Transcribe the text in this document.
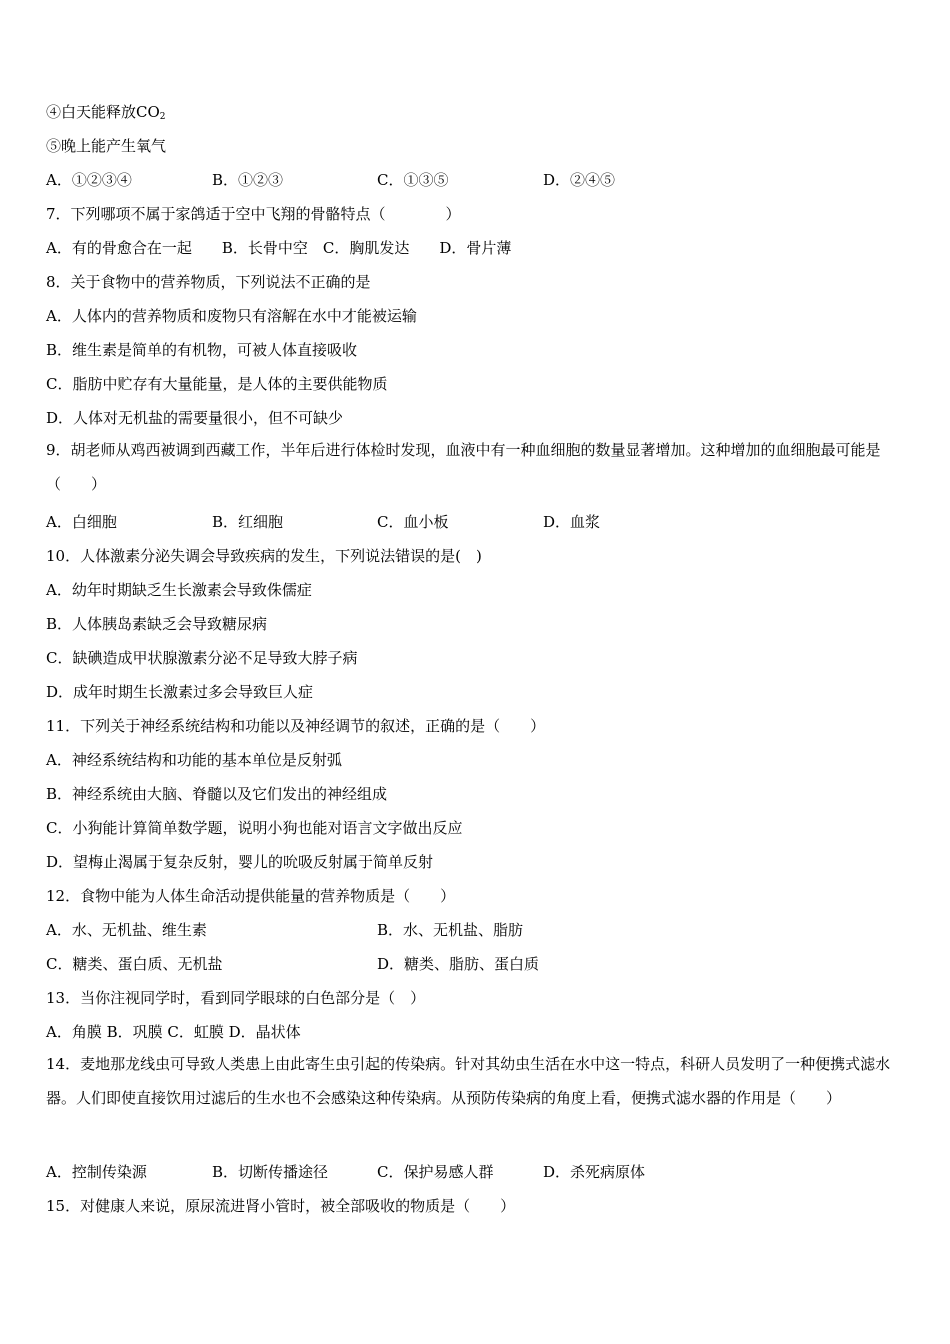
④白天能释放$CO_2$
⑤晚上能产生氧气
A．①②③④	B．①②③	C．①③⑤	D．②④⑤
7．下列哪项不属于家鸽适于空中飞翔的骨骼特点（　　　　）
A．有的骨愈合在一起　　B．长骨中空　C．胸肌发达　　D．骨片薄
8．关于食物中的营养物质，下列说法不正确的是
A．人体内的营养物质和废物只有溶解在水中才能被运输
B．维生素是简单的有机物，可被人体直接吸收
C．脂肪中贮存有大量能量，是人体的主要供能物质
D．人体对无机盐的需要量很小，但不可缺少
9．胡老师从鸡西被调到西藏工作，半年后进行体检时发现，血液中有一种血细胞的数量显著增加。这种增加的血细胞最可能是（　　）
A．白细胞	B．红细胞	C．血小板	D．血浆
10．人体激素分泌失调会导致疾病的发生，下列说法错误的是(　)
A．幼年时期缺乏生长激素会导致侏儒症
B．人体胰岛素缺乏会导致糖尿病
C．缺碘造成甲状腺激素分泌不足导致大脖子病
D．成年时期生长激素过多会导致巨人症
11．下列关于神经系统结构和功能以及神经调节的叙述，正确的是（　　）
A．神经系统结构和功能的基本单位是反射弧
B．神经系统由大脑、脊髓以及它们发出的神经组成
C．小狗能计算简单数学题，说明小狗也能对语言文字做出反应
D．望梅止渴属于复杂反射，婴儿的吮吸反射属于简单反射
12．食物中能为人体生命活动提供能量的营养物质是（　　）
A．水、无机盐、维生素	B．水、无机盐、脂肪
C．糖类、蛋白质、无机盐	D．糖类、脂肪、蛋白质
13．当你注视同学时，看到同学眼球的白色部分是（　）
A．角膜 B．巩膜 C．虹膜 D．晶状体
14．麦地那龙线虫可导致人类患上由此寄生虫引起的传染病。针对其幼虫生活在水中这一特点，科研人员发明了一种便携式滤水器。人们即使直接饮用过滤后的生水也不会感染这种传染病。从预防传染病的角度上看，便携式滤水器的作用是（　　）
A．控制传染源	B．切断传播途径	C．保护易感人群	D．杀死病原体
15．对健康人来说，原尿流进肾小管时，被全部吸收的物质是（　　）
